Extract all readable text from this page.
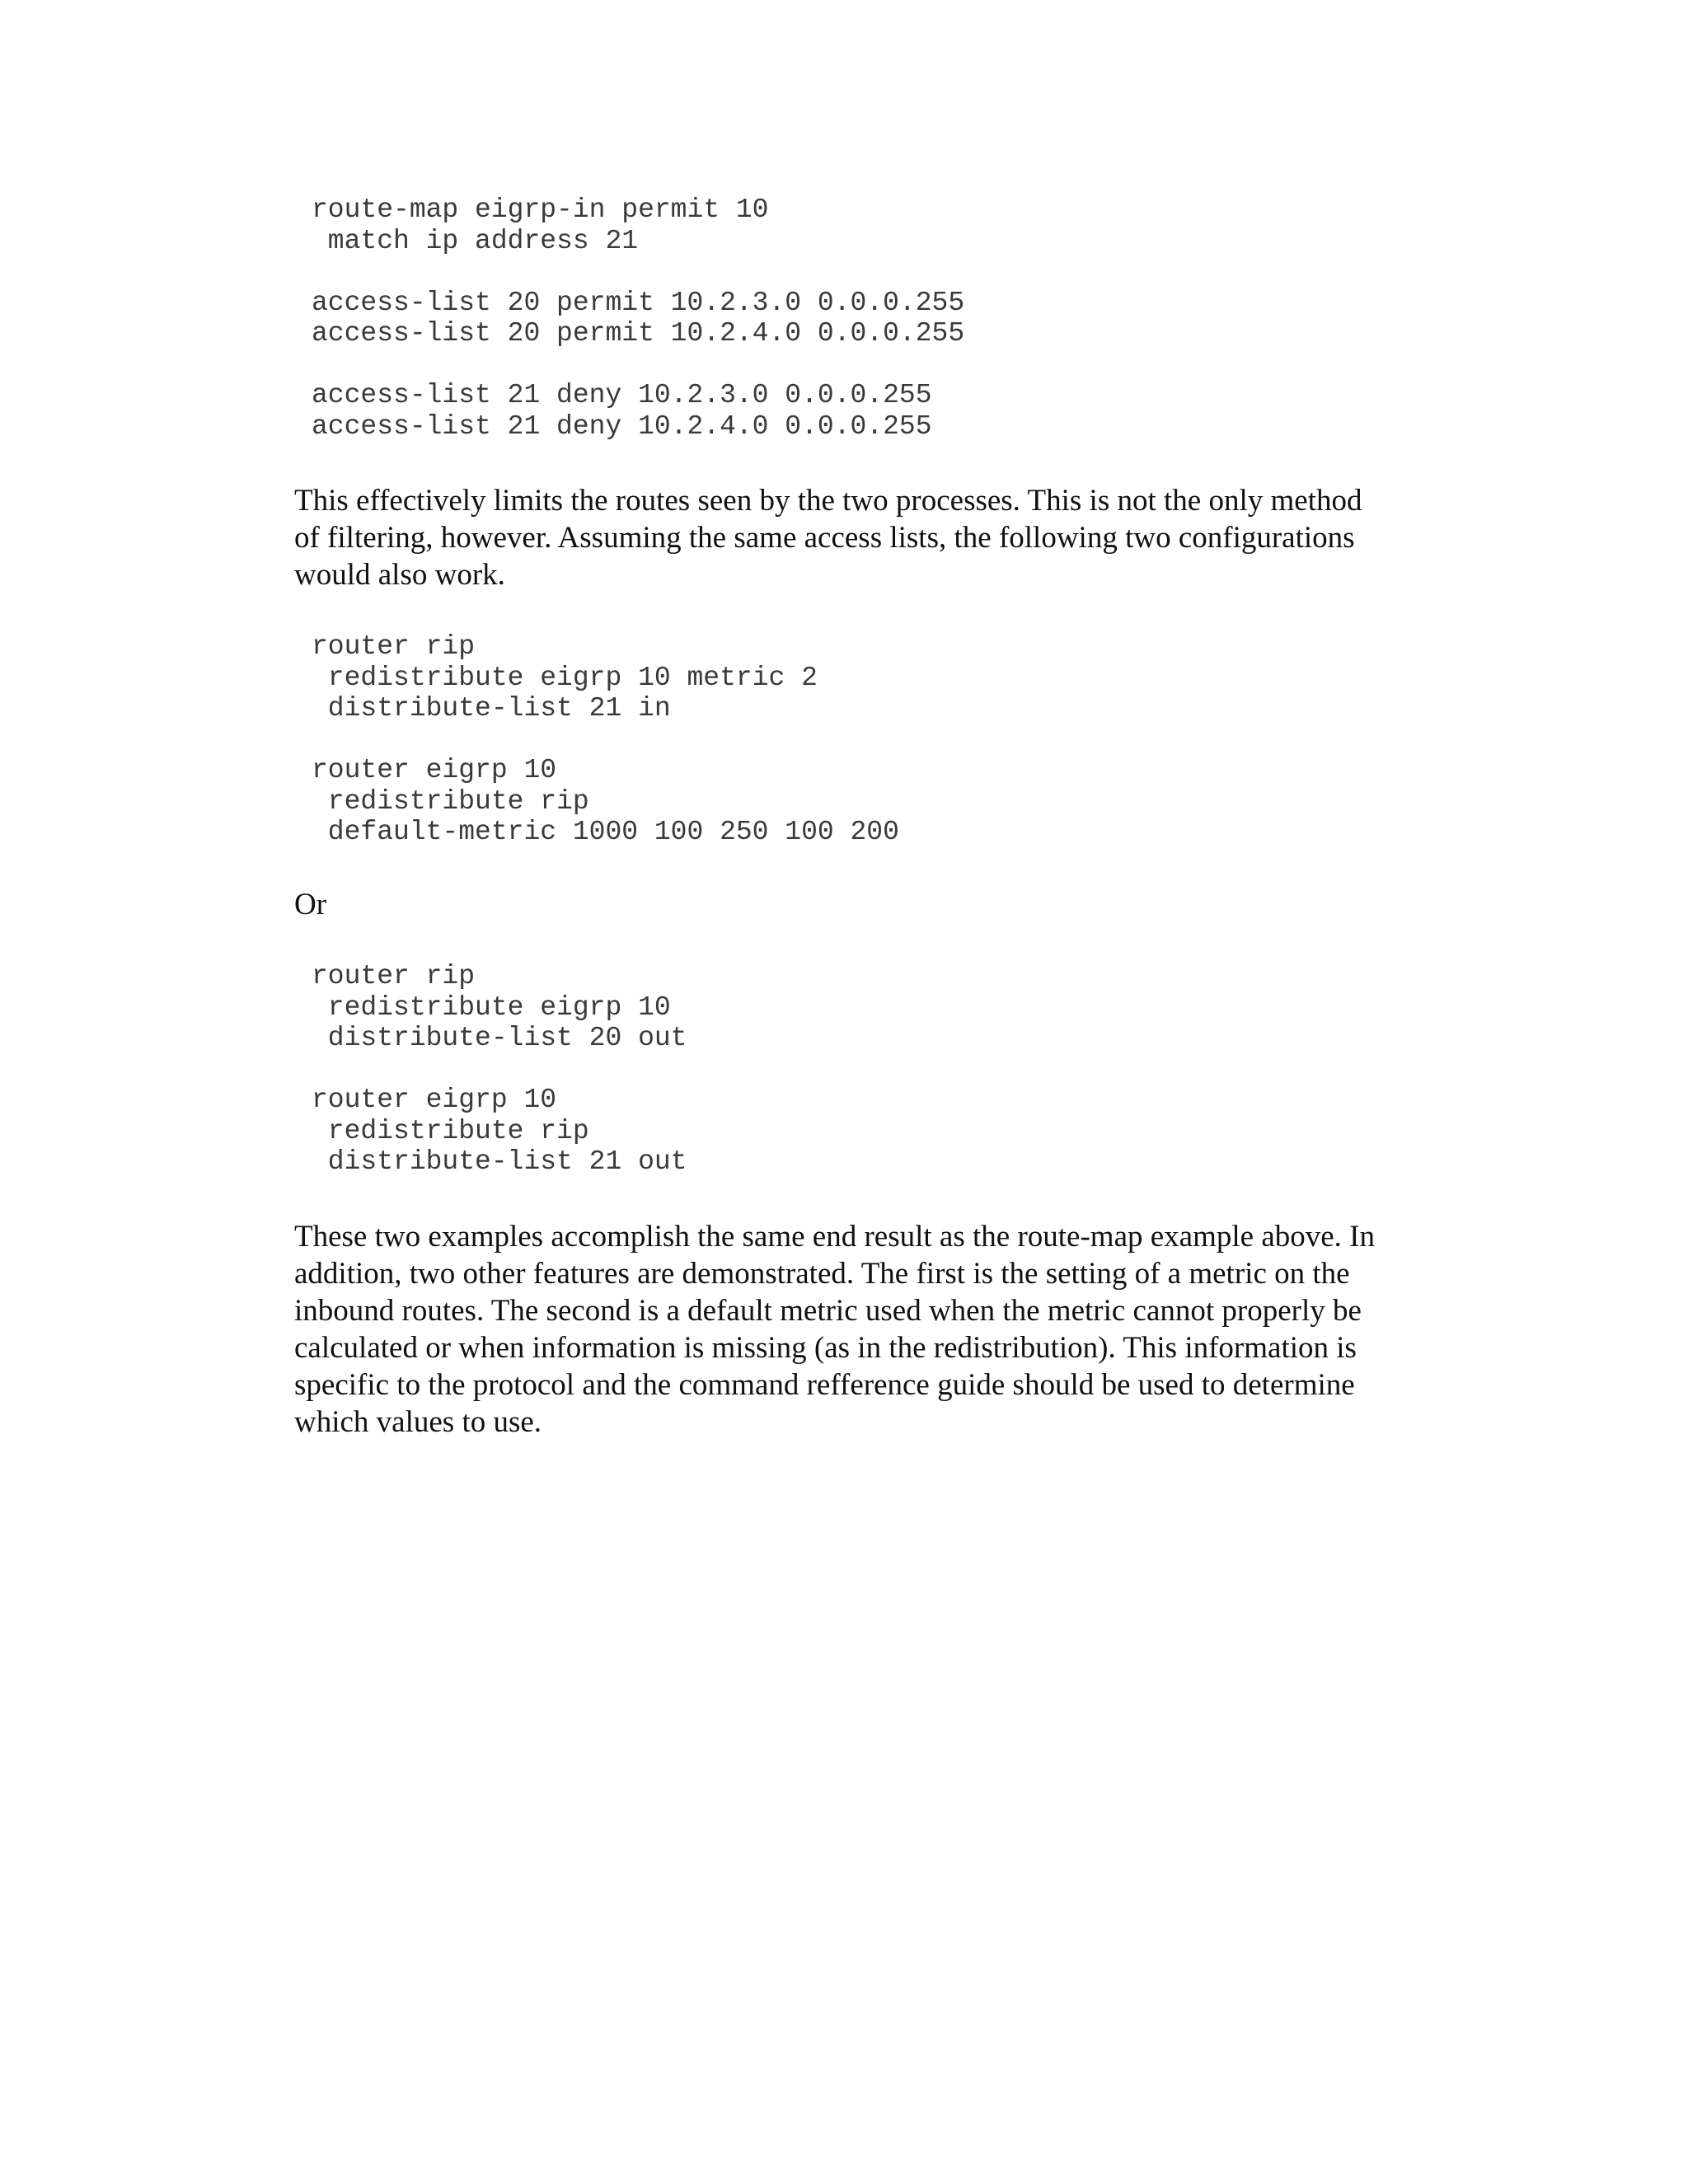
route-map eigrp-in permit 10
match ip address 21
access-list 20 permit 10.2.3.0 0.0.0.255
access-list 20 permit 10.2.4.0 0.0.0.255
access-list 21 deny 10.2.3.0 0.0.0.255
access-list 21 deny 10.2.4.0 0.0.0.255
This effectively limits the routes seen by the two processes. This is not the only method
of filtering, however. Assuming the same access lists, the following two configurations
would also work.
router rip
redistribute eigrp 10 metric 2
distribute-list 21 in
router eigrp 10
redistribute rip
default-metric 1000 100 250 100 200
Or
router rip
redistribute eigrp 10
distribute-list 20 out
router eigrp 10
redistribute rip
distribute-list 21 out
These two examples accomplish the same end result as the route-map example above. In
addition, two other features are demonstrated. The first is the setting of a metric on the
inbound routes. The second is a default metric used when the metric cannot properly be
calculated or when information is missing (as in the redistribution). This information is
specific to the protocol and the command refference guide should be used to determine
which values to use.
